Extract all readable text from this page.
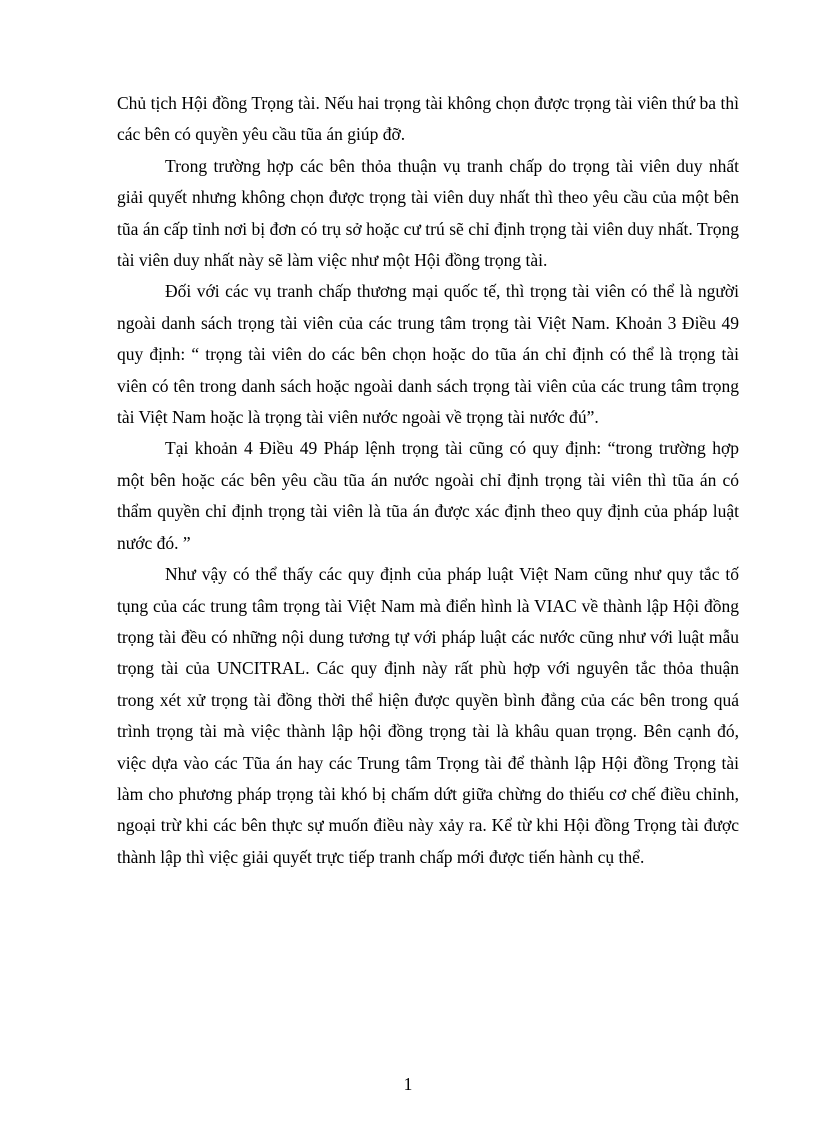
Chủ tịch Hội đồng Trọng tài. Nếu hai trọng tài không chọn được trọng tài viên thứ ba thì các bên có quyền yêu cầu tũa án giúp đỡ.

Trong trường hợp các bên thỏa thuận vụ tranh chấp do trọng tài viên duy nhất giải quyết nhưng không chọn được trọng tài viên duy nhất thì theo yêu cầu của một bên tũa án cấp tỉnh nơi bị đơn có trụ sở hoặc cư trú sẽ chỉ định trọng tài viên duy nhất. Trọng tài viên duy nhất này sẽ làm việc như một Hội đồng trọng tài.

Đối với các vụ tranh chấp thương mại quốc tế, thì trọng tài viên có thể là người ngoài danh sách trọng tài viên của các trung tâm trọng tài Việt Nam. Khoản 3 Điều 49 quy định: “ trọng tài viên do các bên chọn hoặc do tũa án chỉ định có thể là trọng tài viên có tên trong danh sách hoặc ngoài danh sách trọng tài viên của các trung tâm trọng tài Việt Nam hoặc là trọng tài viên nước ngoài về trọng tài nước đú”.

Tại khoản 4 Điều 49 Pháp lệnh trọng tài cũng có quy định: “trong trường hợp một bên hoặc các bên yêu cầu tũa án nước ngoài chỉ định trọng tài viên thì tũa án có thẩm quyền chỉ định trọng tài viên là tũa án được xác định theo quy định của pháp luật nước đó. ”

Như vậy có thể thấy các quy định của pháp luật Việt Nam cũng như quy tắc tố tụng của các trung tâm trọng tài Việt Nam mà điển hình là VIAC về thành lập Hội đồng trọng tài đều có những nội dung tương tự với pháp luật các nước cũng như với luật mẫu trọng tài của UNCITRAL. Các quy định này rất phù hợp với nguyên tắc thỏa thuận trong xét xử trọng tài đồng thời thể hiện được quyền bình đẳng của các bên trong quá trình trọng tài mà việc thành lập hội đồng trọng tài là khâu quan trọng. Bên cạnh đó, việc dựa vào các Tũa án hay các Trung tâm Trọng tài để thành lập Hội đồng Trọng tài làm cho phương pháp trọng tài khó bị chấm dứt giữa chừng do thiếu cơ chế điều chỉnh, ngoại trừ khi các bên thực sự muốn điều này xảy ra. Kể từ khi Hội đồng Trọng tài được thành lập thì việc giải quyết trực tiếp tranh chấp mới được tiến hành cụ thể.

1
